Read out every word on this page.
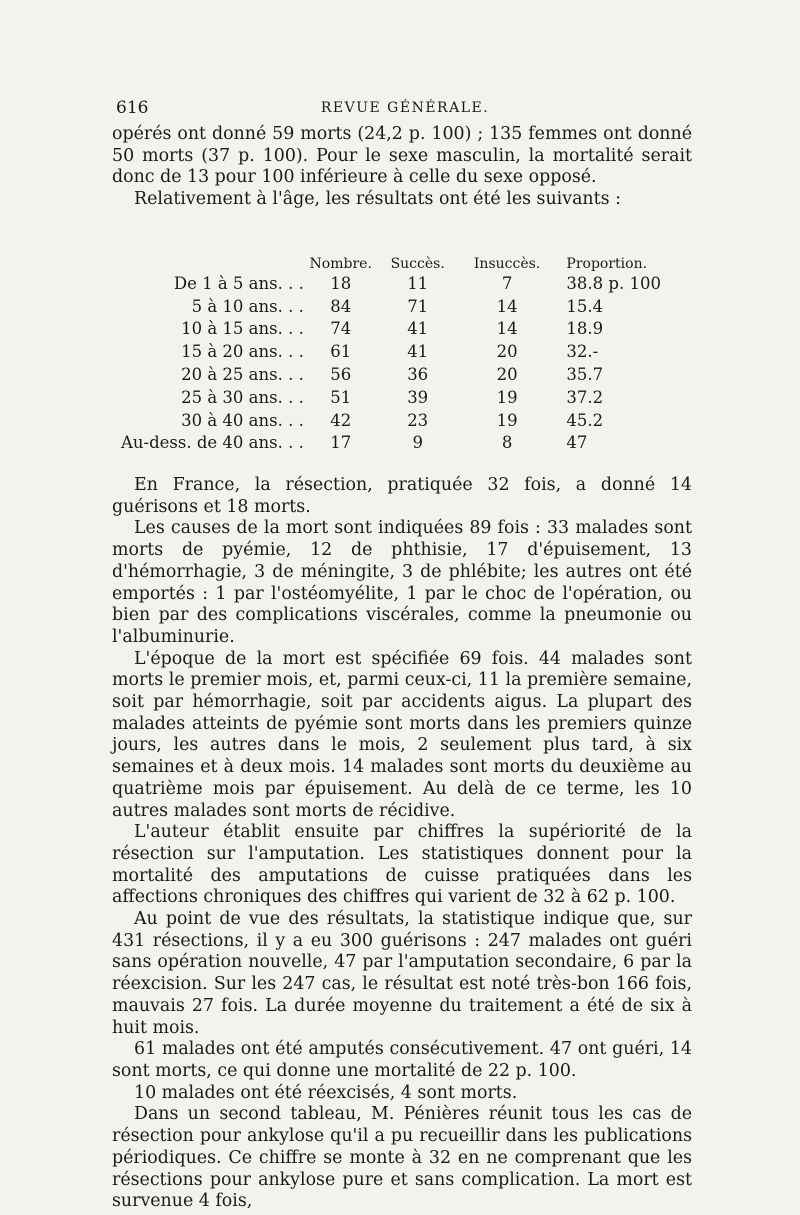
616	REVUE GÉNÉRALE.

opérés ont donné 59 morts (24,2 p. 100) ; 135 femmes ont donné 50 morts (37 p. 100). Pour le sexe masculin, la mortalité serait donc de 13 pour 100 inférieure à celle du sexe opposé.

Relativement à l'âge, les résultats ont été les suivants :

	Nombre.	Succès.	Insuccès.	Proportion.
De 1 à 5 ans. . .	18	11	7	38.8 p. 100
5 à 10 ans. . .	84	71	14	15.4
10 à 15 ans. . .	74	41	14	18.9
15 à 20 ans. . .	61	41	20	32.-
20 à 25 ans. . .	56	36	20	35.7
25 à 30 ans. . .	51	39	19	37.2
30 à 40 ans. . .	42	23	19	45.2
Au-dess. de 40 ans. . .	17	9	8	47

En France, la résection, pratiquée 32 fois, a donné 14 guérisons et 18 morts.

Les causes de la mort sont indiquées 89 fois : 33 malades sont morts de pyémie, 12 de phthisie, 17 d'épuisement, 13 d'hémorrhagie, 3 de méningite, 3 de phlébite; les autres ont été emportés : 1 par l'ostéomyélite, 1 par le choc de l'opération, ou bien par des complications viscérales, comme la pneumonie ou l'albuminurie.

L'époque de la mort est spécifiée 69 fois. 44 malades sont morts le premier mois, et, parmi ceux-ci, 11 la première semaine, soit par hémorrhagie, soit par accidents aigus. La plupart des malades atteints de pyémie sont morts dans les premiers quinze jours, les autres dans le mois, 2 seulement plus tard, à six semaines et à deux mois. 14 malades sont morts du deuxième au quatrième mois par épuisement. Au delà de ce terme, les 10 autres malades sont morts de récidive.

L'auteur établit ensuite par chiffres la supériorité de la résection sur l'amputation. Les statistiques donnent pour la mortalité des amputations de cuisse pratiquées dans les affections chroniques des chiffres qui varient de 32 à 62 p. 100.

Au point de vue des résultats, la statistique indique que, sur 431 résections, il y a eu 300 guérisons : 247 malades ont guéri sans opération nouvelle, 47 par l'amputation secondaire, 6 par la réexcision. Sur les 247 cas, le résultat est noté très-bon 166 fois, mauvais 27 fois. La durée moyenne du traitement a été de six à huit mois.

61 malades ont été amputés consécutivement. 47 ont guéri, 14 sont morts, ce qui donne une mortalité de 22 p. 100.

10 malades ont été réexcisés, 4 sont morts.

Dans un second tableau, M. Pénières réunit tous les cas de résection pour ankylose qu'il a pu recueillir dans les publications périodiques. Ce chiffre se monte à 32 en ne comprenant que les résections pour ankylose pure et sans complication. La mort est survenue 4 fois,
